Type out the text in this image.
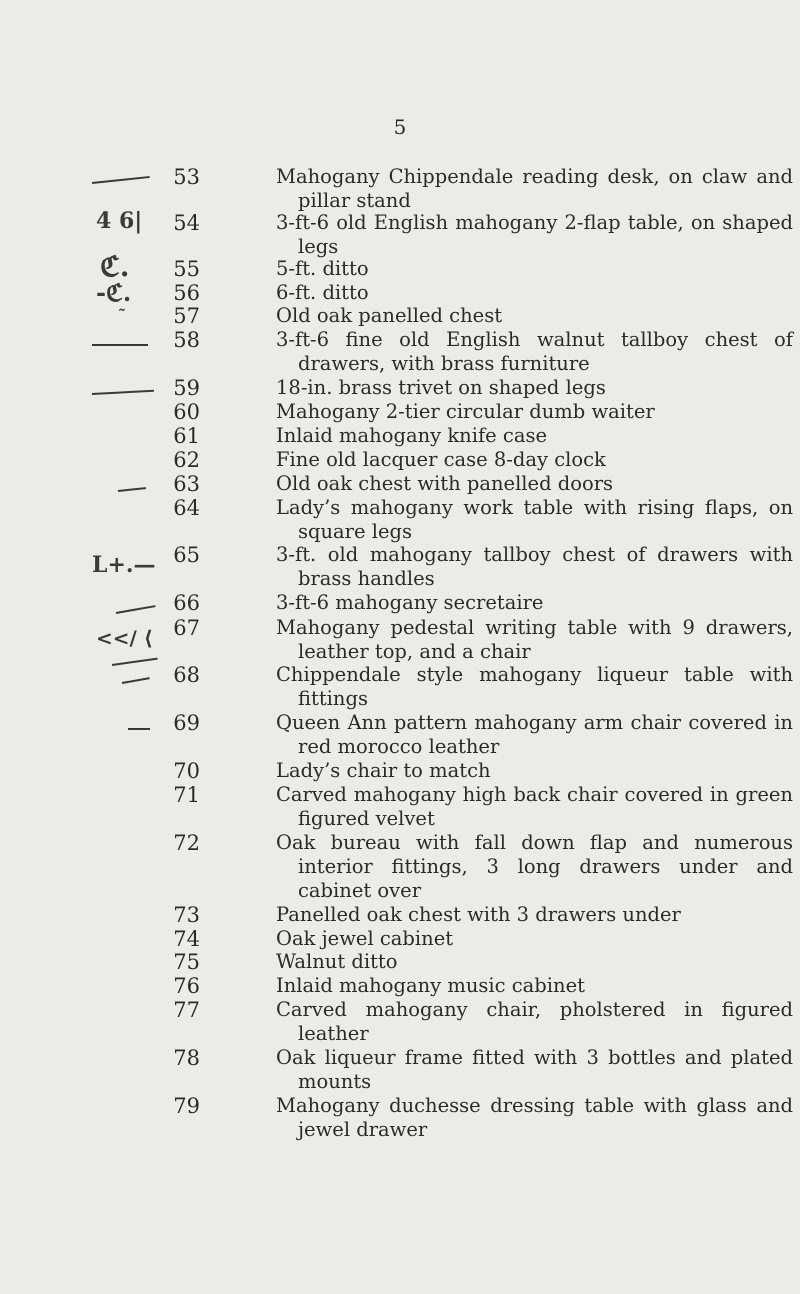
5
53	Mahogany Chippendale reading desk, on claw and pillar stand
54	3-ft-6 old English mahogany 2-flap table, on shaped legs
55	5-ft. ditto
56	6-ft. ditto
57	Old oak panelled chest
58	3-ft-6 fine old English walnut tallboy chest of drawers, with brass furniture
59	18-in. brass trivet on shaped legs
60	Mahogany 2-tier circular dumb waiter
61	Inlaid mahogany knife case
62	Fine old lacquer case 8-day clock
63	Old oak chest with panelled doors
64	Lady’s mahogany work table with rising flaps, on square legs
65	3-ft. old mahogany tallboy chest of drawers with brass handles
66	3-ft-6 mahogany secretaire
67	Mahogany pedestal writing table with 9 drawers, leather top, and a chair
68	Chippendale style mahogany liqueur table with fittings
69	Queen Ann pattern mahogany arm chair covered in red morocco leather
70	Lady’s chair to match
71	Carved mahogany high back chair covered in green figured velvet
72	Oak bureau with fall down flap and numerous interior fittings, 3 long drawers under and cabinet over
73	Panelled oak chest with 3 drawers under
74	Oak jewel cabinet
75	Walnut ditto
76	Inlaid mahogany music cabinet
77	Carved mahogany chair, pholstered in figured leather
78	Oak liqueur frame fitted with 3 bottles and plated mounts
79	Mahogany duchesse dressing table with glass and jewel drawer
4 6|
ℭ.
-ℭ.
˜
L+.—
<</ ⟨
